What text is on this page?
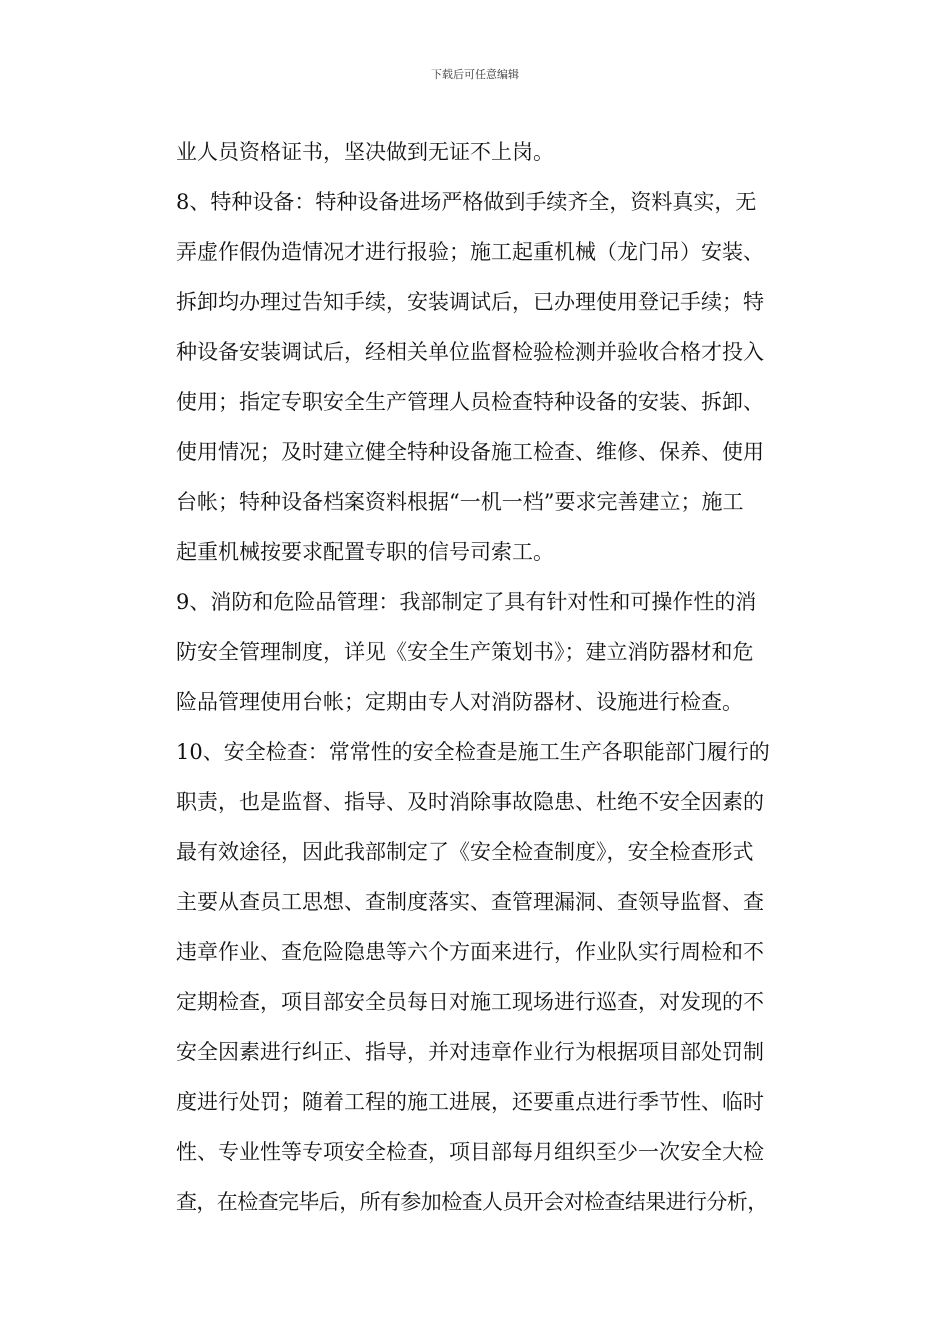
下载后可任意编辑
业人员资格证书，坚决做到无证不上岗。
8、特种设备：特种设备进场严格做到手续齐全，资料真实，无
弄虚作假伪造情况才进行报验；施工起重机械（龙门吊）安装、
拆卸均办理过告知手续，安装调试后，已办理使用登记手续；特
种设备安装调试后，经相关单位监督检验检测并验收合格才投入
使用；指定专职安全生产管理人员检查特种设备的安装、拆卸、
使用情况；及时建立健全特种设备施工检查、维修、保养、使用
台帐；特种设备档案资料根据“一机一档”要求完善建立；施工
起重机械按要求配置专职的信号司索工。
9、消防和危险品管理：我部制定了具有针对性和可操作性的消
防安全管理制度，详见《安全生产策划书》；建立消防器材和危
险品管理使用台帐；定期由专人对消防器材、设施进行检查。
10、安全检查：常常性的安全检查是施工生产各职能部门履行的
职责，也是监督、指导、及时消除事故隐患、杜绝不安全因素的
最有效途径，因此我部制定了《安全检查制度》，安全检查形式
主要从查员工思想、查制度落实、查管理漏洞、查领导监督、查
违章作业、查危险隐患等六个方面来进行，作业队实行周检和不
定期检查，项目部安全员每日对施工现场进行巡查，对发现的不
安全因素进行纠正、指导，并对违章作业行为根据项目部处罚制
度进行处罚；随着工程的施工进展，还要重点进行季节性、临时
性、专业性等专项安全检查，项目部每月组织至少一次安全大检
查，在检查完毕后，所有参加检查人员开会对检查结果进行分析，
